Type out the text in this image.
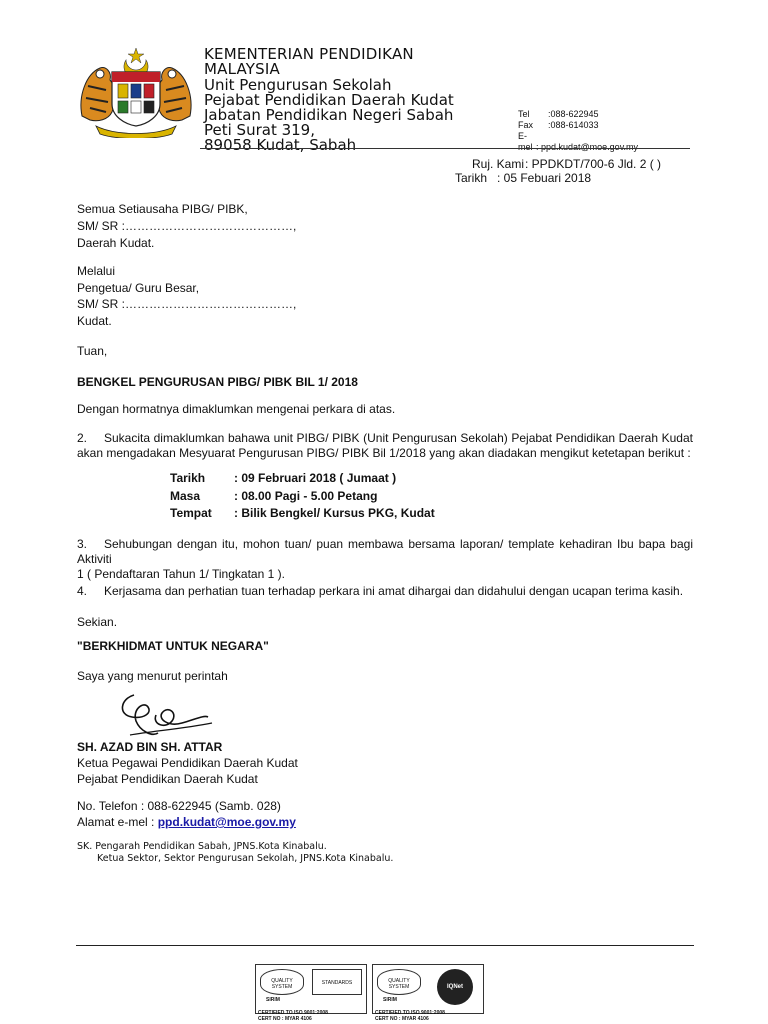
KEMENTERIAN PENDIDIKAN
MALAYSIA
Unit Pengurusan Sekolah
Pejabat Pendidikan Daerah Kudat
Jabatan Pendidikan Negeri Sabah
Peti Surat 319,
89058 Kudat, Sabah
Tel :088-622945
Fax :088-614033
E-mel : ppd.kudat@moe.gov.my
Ruj. Kami: PPDKDT/700-6 Jld. 2 ( )
Tarikh : 05 Febuari 2018
Semua Setiausaha PIBG/ PIBK,
SM/ SR :……………………………………,
Daerah Kudat.
Melalui
Pengetua/ Guru Besar,
SM/ SR :……………………………………,
Kudat.
Tuan,
BENGKEL PENGURUSAN PIBG/ PIBK BIL 1/ 2018
Dengan hormatnya dimaklumkan mengenai perkara di atas.
2. Sukacita dimaklumkan bahawa unit PIBG/ PIBK (Unit Pengurusan Sekolah) Pejabat Pendidikan Daerah Kudat
akan mengadakan Mesyuarat Pengurusan PIBG/ PIBK Bil 1/2018 yang akan diadakan mengikut ketetapan berikut :
Tarikh : 09 Februari 2018 ( Jumaat )
Masa	: 08.00 Pagi - 5.00 Petang
Tempat : Bilik Bengkel/ Kursus PKG, Kudat
3. Sehubungan dengan itu, mohon tuan/ puan membawa bersama laporan/ template kehadiran Ibu bapa bagi Aktiviti
1 ( Pendaftaran Tahun 1/ Tingkatan 1 ).
4. Kerjasama dan perhatian tuan terhadap perkara ini amat dihargai dan didahului dengan ucapan terima kasih.
Sekian.
"BERKHIDMAT UNTUK NEGARA"
Saya yang menurut perintah
SH. AZAD BIN SH. ATTAR
Ketua Pegawai Pendidikan Daerah Kudat
Pejabat Pendidikan Daerah Kudat
No. Telefon : 088-622945 (Samb. 028)
Alamat e-mel : ppd.kudat@moe.gov.my
SK. Pengarah Pendidikan Sabah, JPNS.Kota Kinabalu.
Ketua Sektor, Sektor Pengurusan Sekolah, JPNS.Kota Kinabalu.
QUALITY SYSTEM
STANDARDS
SIRIM
CERTIFIED TO ISO 9001:2008
CERT NO : MYAR 4106
QUALITY SYSTEM	IQNet
SIRIM
CERTIFIED TO ISO 9001:2008
CERT NO : MYAR 4106
